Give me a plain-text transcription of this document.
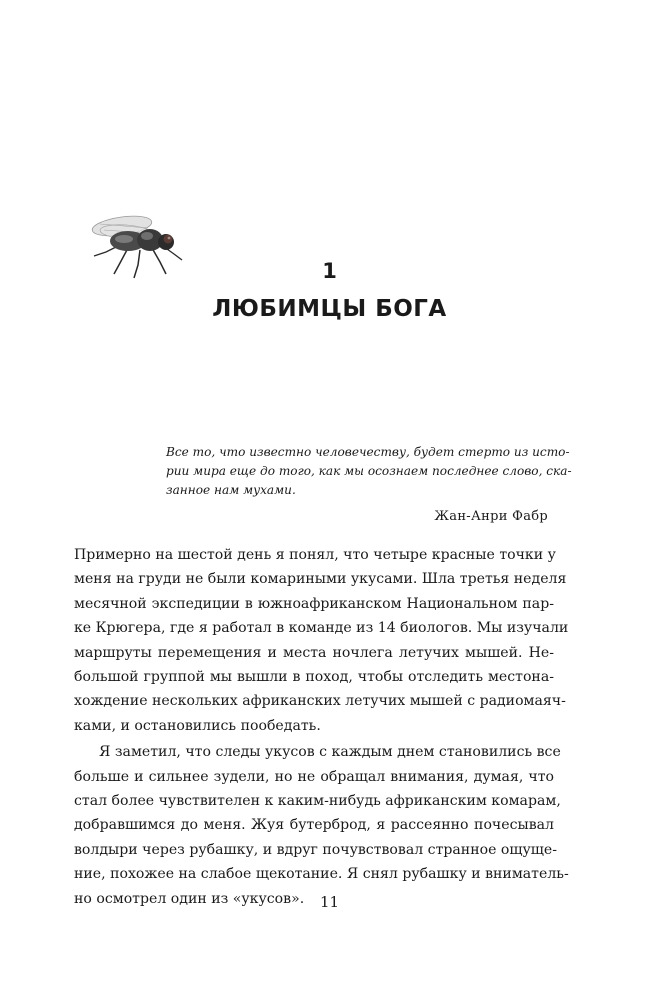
1
ЛЮБИМЦЫ БОГА

Все то, что известно человечеству, будет стерто из исто-
рии мира еще до того, как мы осознаем последнее слово, ска-
занное нам мухами.

Жан-Анри Фабр
Примерно на шестой день я понял, что четыре красные точки у
меня на груди не были комариными укусами. Шла третья неделя
месячной экспедиции в южноафриканском Национальном пар-
ке Крюгера, где я работал в команде из 14 биологов. Мы изучали
маршруты перемещения и места ночлега летучих мышей. Не-
большой группой мы вышли в поход, чтобы отследить местона-
хождение нескольких африканских летучих мышей с радиомаяч-
ками, и остановились пообедать.
Я заметил, что следы укусов с каждым днем становились все
больше и сильнее зудели, но не обращал внимания, думая, что
стал более чувствителен к каким-нибудь африканским комарам,
добравшимся до меня. Жуя бутерброд, я рассеянно почесывал
волдыри через рубашку, и вдруг почувствовал странное ощуще-
ние, похожее на слабое щекотание. Я снял рубашку и вниматель-
но осмотрел один из «укусов».	11
